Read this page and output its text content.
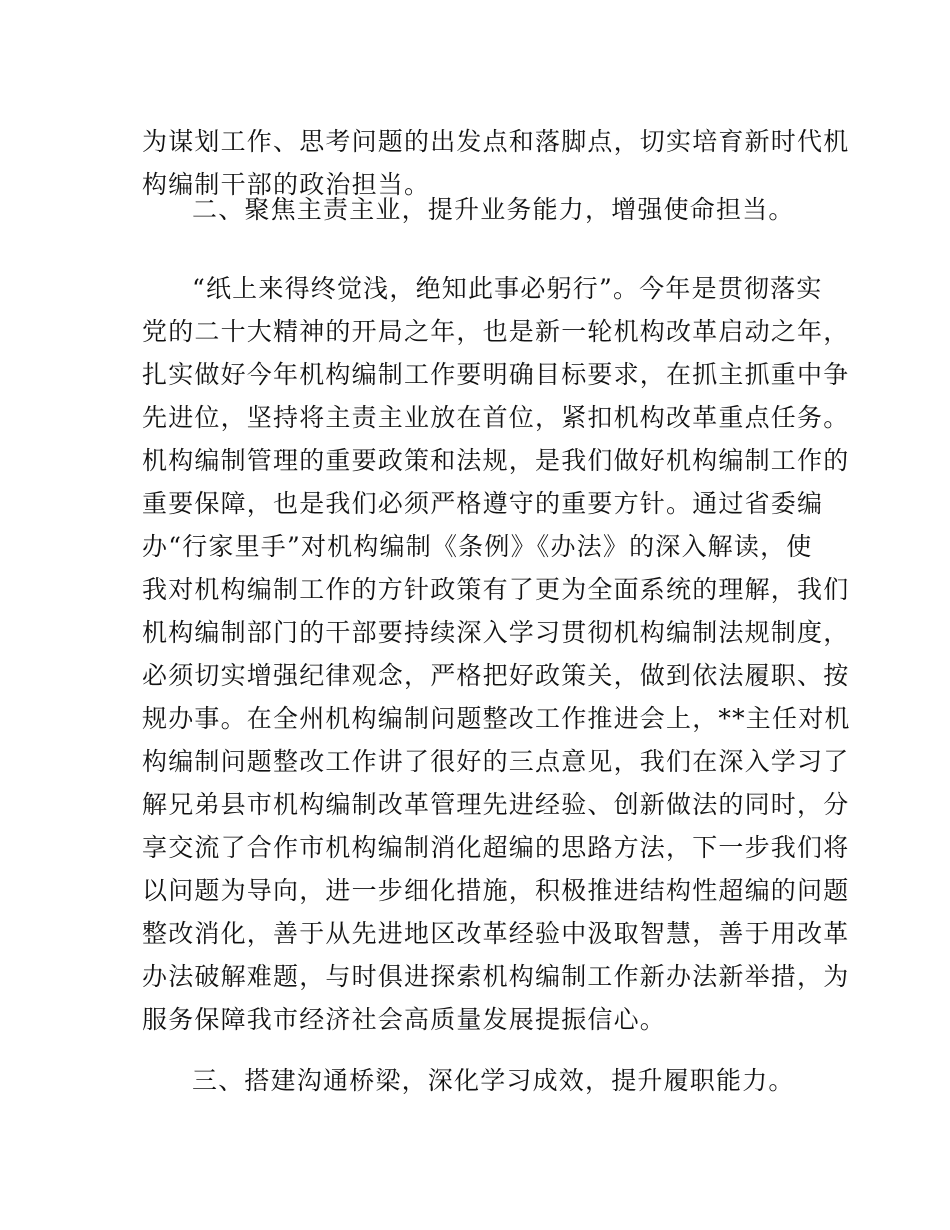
为谋划工作、思考问题的出发点和落脚点，切实培育新时代机
构编制干部的政治担当。
二、聚焦主责主业，提升业务能力，增强使命担当。
“纸上来得终觉浅，绝知此事必躬行”。今年是贯彻落实
党的二十大精神的开局之年，也是新一轮机构改革启动之年，
扎实做好今年机构编制工作要明确目标要求，在抓主抓重中争
先进位，坚持将主责主业放在首位，紧扣机构改革重点任务。
机构编制管理的重要政策和法规，是我们做好机构编制工作的
重要保障，也是我们必须严格遵守的重要方针。通过省委编
办“行家里手”对机构编制《条例》《办法》的深入解读，使
我对机构编制工作的方针政策有了更为全面系统的理解，我们
机构编制部门的干部要持续深入学习贯彻机构编制法规制度，
必须切实增强纪律观念，严格把好政策关，做到依法履职、按
规办事。在全州机构编制问题整改工作推进会上，**主任对机
构编制问题整改工作讲了很好的三点意见，我们在深入学习了
解兄弟县市机构编制改革管理先进经验、创新做法的同时，分
享交流了合作市机构编制消化超编的思路方法，下一步我们将
以问题为导向，进一步细化措施，积极推进结构性超编的问题
整改消化，善于从先进地区改革经验中汲取智慧，善于用改革
办法破解难题，与时俱进探索机构编制工作新办法新举措，为
服务保障我市经济社会高质量发展提振信心。
三、搭建沟通桥梁，深化学习成效，提升履职能力。
